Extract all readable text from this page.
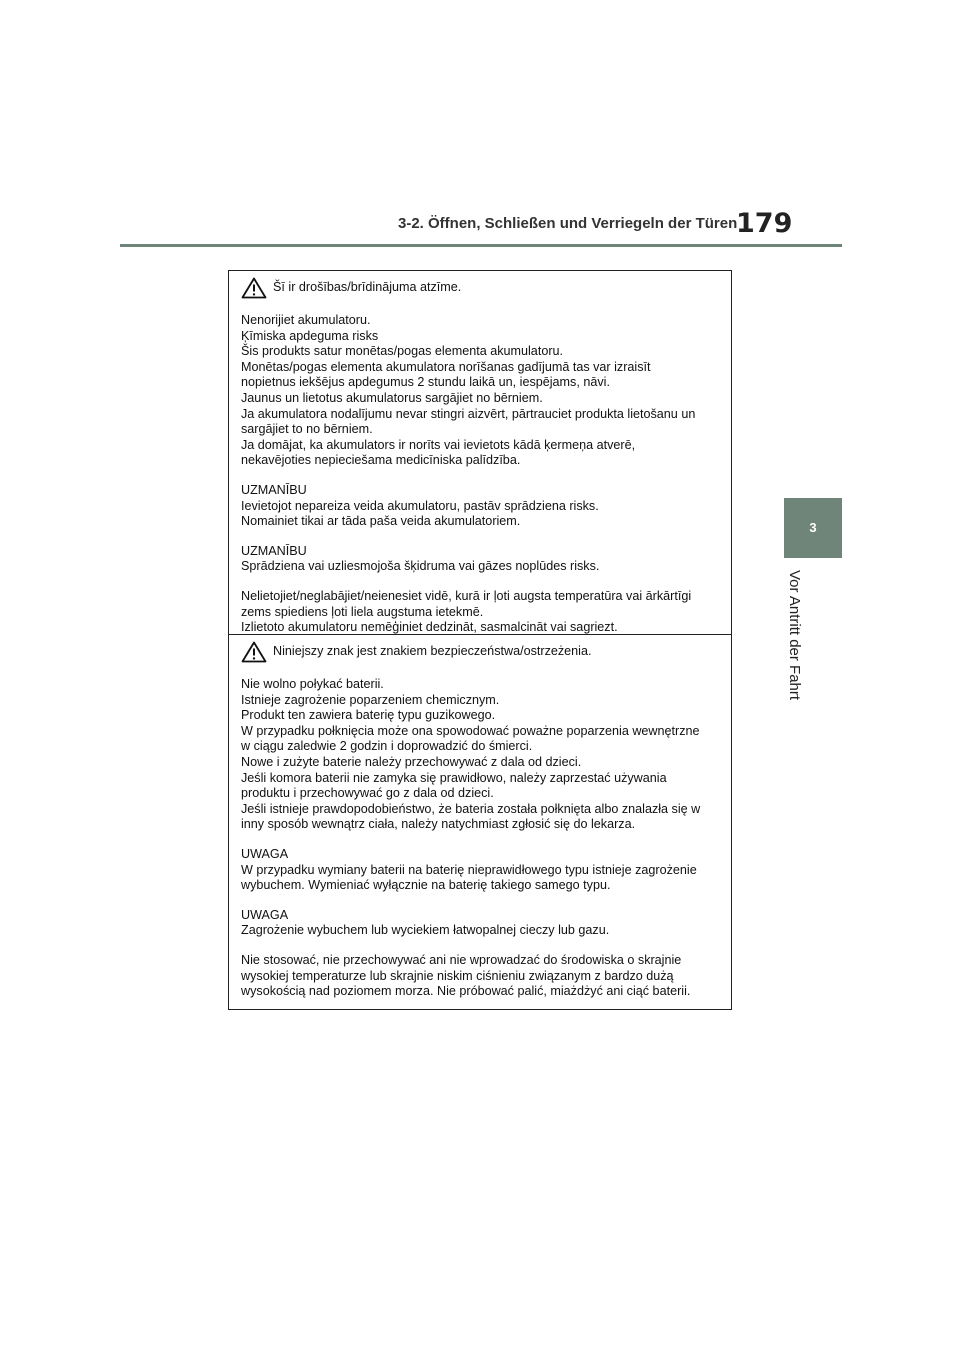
3-2. Öffnen, Schließen und Verriegeln der Türen
179
3
Vor Antritt der Fahrt
Šī ir drošības/brīdinājuma atzīme.
Nenorijiet akumulatoru.
Ķīmiska apdeguma risks
Šis produkts satur monētas/pogas elementa akumulatoru.
Monētas/pogas elementa akumulatora norīšanas gadījumā tas var izraisīt
nopietnus iekšējus apdegumus 2 stundu laikā un, iespējams, nāvi.
Jaunus un lietotus akumulatorus sargājiet no bērniem.
Ja akumulatora nodalījumu nevar stingri aizvērt, pārtrauciet produkta lietošanu un
sargājiet to no bērniem.
Ja domājat, ka akumulators ir norīts vai ievietots kādā ķermeņa atverē,
nekavējoties nepieciešama medicīniska palīdzība.
UZMANĪBU
Ievietojot nepareiza veida akumulatoru, pastāv sprādziena risks.
Nomainiet tikai ar tāda paša veida akumulatoriem.
UZMANĪBU
Sprādziena vai uzliesmojoša šķidruma vai gāzes noplūdes risks.
Nelietojiet/neglabājiet/neienesiet vidē, kurā ir ļoti augsta temperatūra vai ārkārtīgi
zems spiediens ļoti liela augstuma ietekmē.
Izlietoto akumulatoru nemēģiniet dedzināt, sasmalcināt vai sagriezt.
Niniejszy znak jest znakiem bezpieczeństwa/ostrzeżenia.
Nie wolno połykać baterii.
Istnieje zagrożenie poparzeniem chemicznym.
Produkt ten zawiera baterię typu guzikowego.
W przypadku połknięcia może ona spowodować poważne poparzenia wewnętrzne
w ciągu zaledwie 2 godzin i doprowadzić do śmierci.
Nowe i zużyte baterie należy przechowywać z dala od dzieci.
Jeśli komora baterii nie zamyka się prawidłowo, należy zaprzestać używania
produktu i przechowywać go z dala od dzieci.
Jeśli istnieje prawdopodobieństwo, że bateria została połknięta albo znalazła się w
inny sposób wewnątrz ciała, należy natychmiast zgłosić się do lekarza.
UWAGA
W przypadku wymiany baterii na baterię nieprawidłowego typu istnieje zagrożenie
wybuchem. Wymieniać wyłącznie na baterię takiego samego typu.
UWAGA
Zagrożenie wybuchem lub wyciekiem łatwopalnej cieczy lub gazu.
Nie stosować, nie przechowywać ani nie wprowadzać do środowiska o skrajnie
wysokiej temperaturze lub skrajnie niskim ciśnieniu związanym z bardzo dużą
wysokością nad poziomem morza. Nie próbować palić, miażdżyć ani ciąć baterii.
